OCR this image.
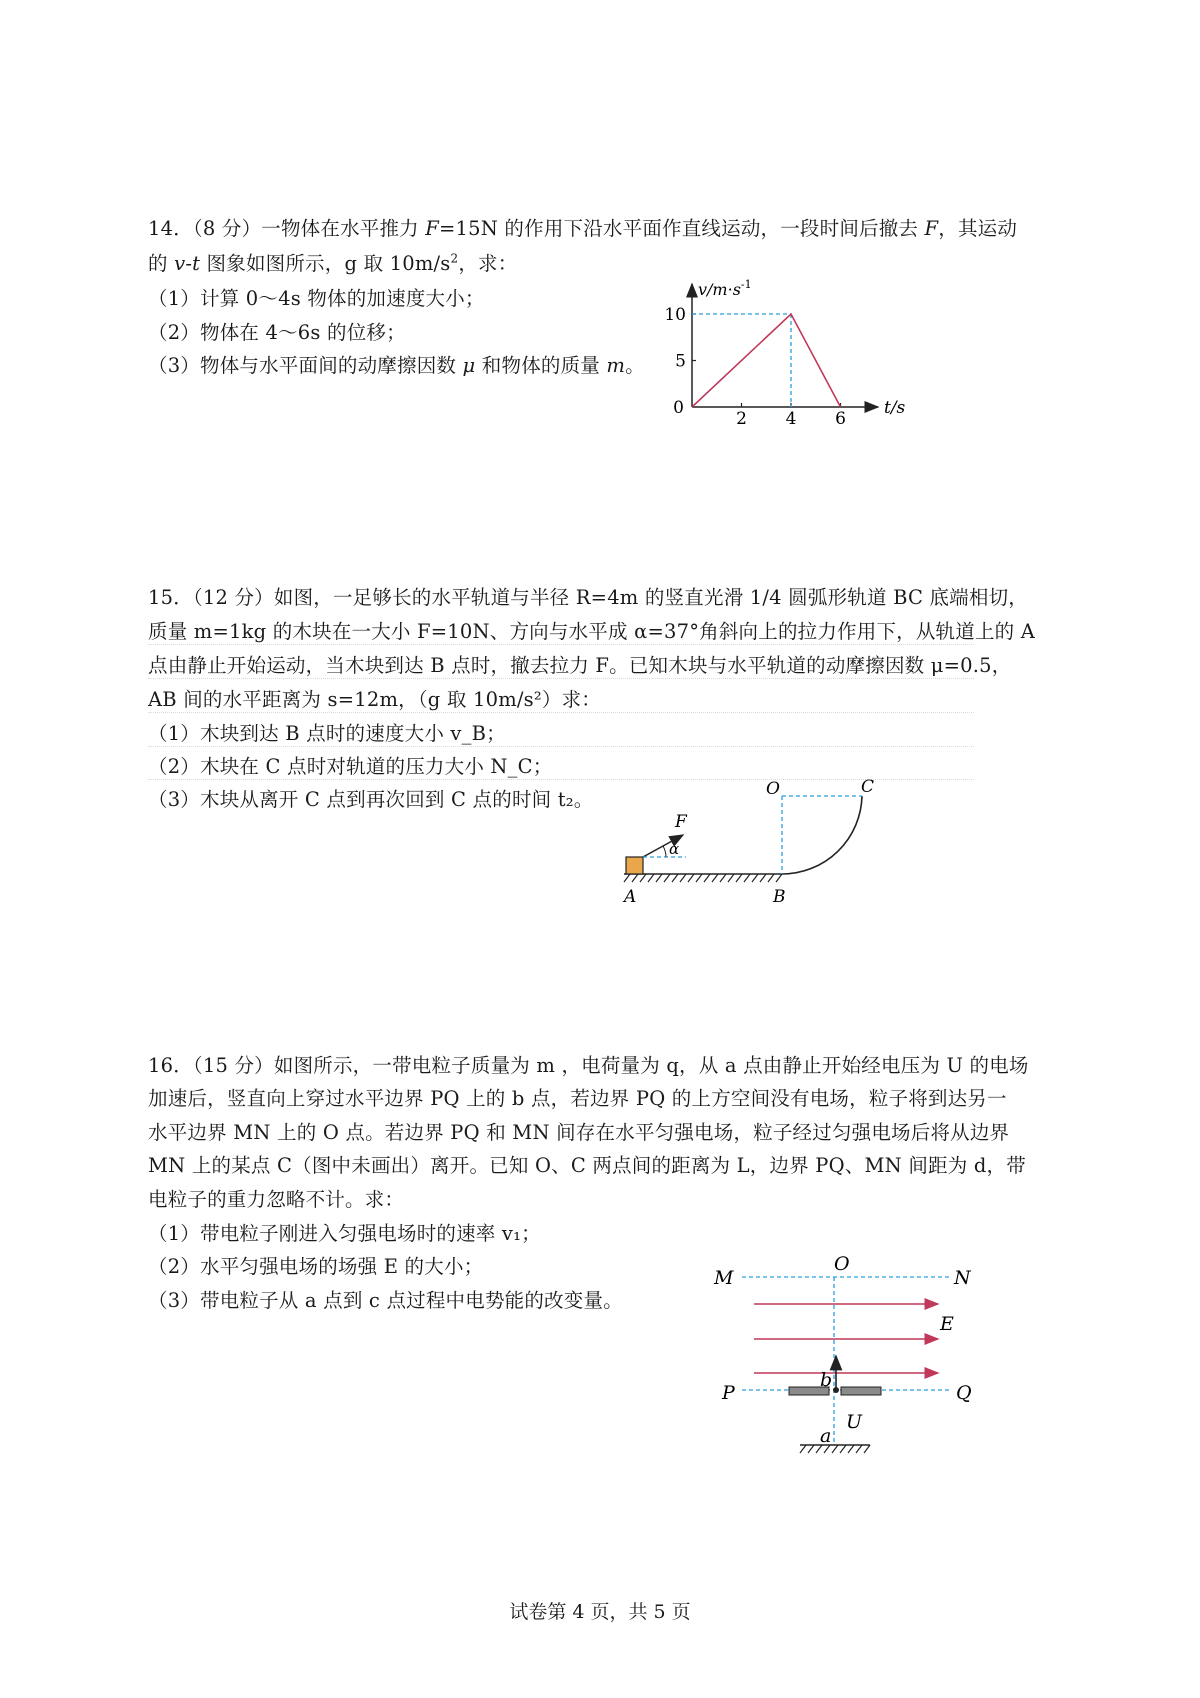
14．（8 分）一物体在水平推力 F=15N 的作用下沿水平面作直线运动，一段时间后撤去 F，其运动
的 v-t 图象如图所示，g 取 $10m/s^2$，求：
（1）计算 0～4s 物体的加速度大小；
（2）物体在 4～6s 的位移；
（3）物体与水平面间的动摩擦因数 μ 和物体的质量 m。
2 4 6
10
5
$v/m\cdot s^{-1}$
t/s
0
15．（12 分）如图，一足够长的水平轨道与半径 R=4m 的竖直光滑 1/4 圆弧形轨道 BC 底端相切，
质量 m=1kg 的木块在一大小 F=10N、方向与水平成 α=37°角斜向上的拉力作用下，从轨道上的 A
点由静止开始运动，当木块到达 B 点时，撤去拉力 F。已知木块与水平轨道的动摩擦因数 μ=0.5，
AB 间的水平距离为 s=12m，（g 取 10m/s²）求：
（1）木块到达 B 点时的速度大小 v_B；
（2）木块在 C 点时对轨道的压力大小 N_C；
（3）木块从离开 C 点到再次回到 C 点的时间 t₂。	O	C
F
α
A	B
16．（15 分）如图所示，一带电粒子质量为 m ，电荷量为 q，从 a 点由静止开始经电压为 U 的电场
加速后，竖直向上穿过水平边界 PQ 上的 b 点，若边界 PQ 的上方空间没有电场，粒子将到达另一
水平边界 MN 上的 O 点。若边界 PQ 和 MN 间存在水平匀强电场，粒子经过匀强电场后将从边界
MN 上的某点 C（图中未画出）离开。已知 O、C 两点间的距离为 L，边界 PQ、MN 间距为 d，带
电粒子的重力忽略不计。求：
（1）带电粒子刚进入匀强电场时的速率 v₁；
（2）水平匀强电场的场强 E 的大小；
（3）带电粒子从 a 点到 c 点过程中电势能的改变量。
M
O
N
E
P
b
Q
U
a
试卷第 4 页，共 5 页
